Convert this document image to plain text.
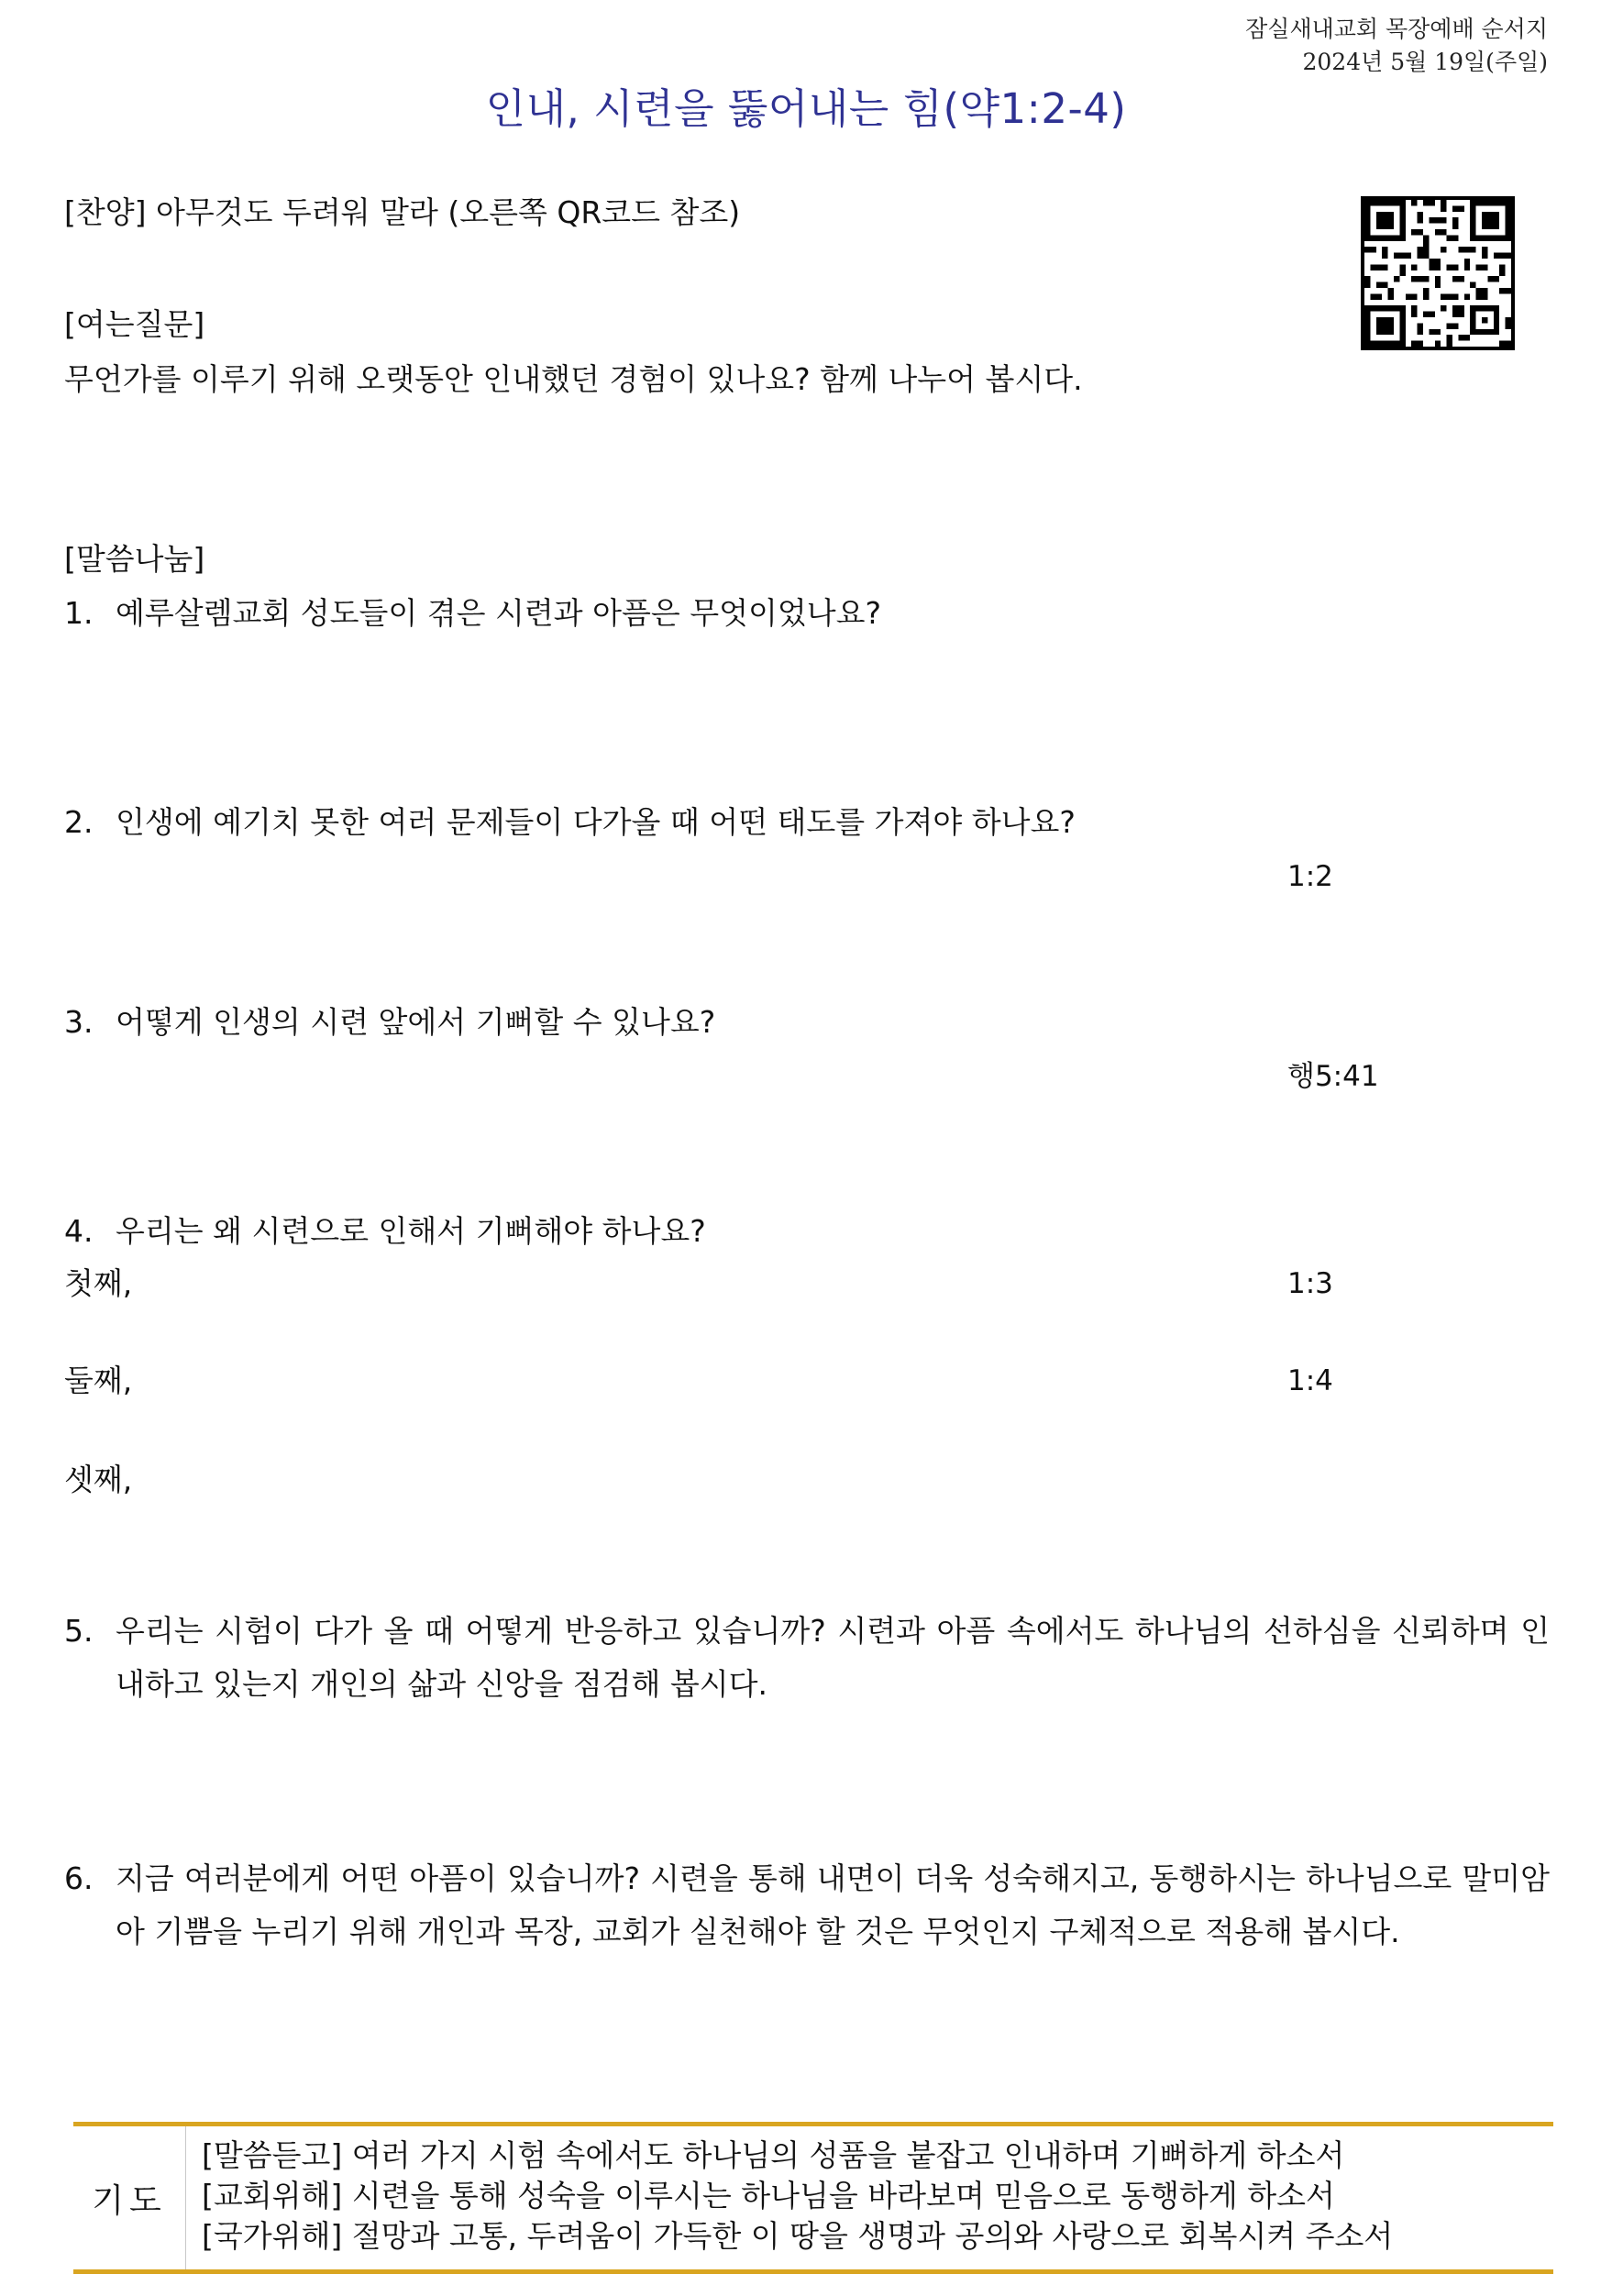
잠실새내교회 목장예배 순서지
2024년 5월 19일(주일)
인내, 시련을 뚫어내는 힘(약1:2-4)
[찬양] 아무것도 두려워 말라 (오른쪽 QR코드 참조)
[여는질문]
무언가를 이루기 위해 오랫동안 인내했던 경험이 있나요? 함께 나누어 봅시다.
[말씀나눔]
1. 예루살렘교회 성도들이 겪은 시련과 아픔은 무엇이었나요?
2. 인생에 예기치 못한 여러 문제들이 다가올 때 어떤 태도를 가져야 하나요?
1:2
3. 어떻게 인생의 시련 앞에서 기뻐할 수 있나요?
행5:41
4. 우리는 왜 시련으로 인해서 기뻐해야 하나요?
첫째,	1:3
둘째,	1:4
셋째,
5. 우리는 시험이 다가 올 때 어떻게 반응하고 있습니까? 시련과 아픔 속에서도 하나님의 선하심을 신뢰하며 인내하고 있는지 개인의 삶과 신앙을 점검해 봅시다.
6. 지금 여러분에게 어떤 아픔이 있습니까? 시련을 통해 내면이 더욱 성숙해지고, 동행하시는 하나님으로 말미암아 기쁨을 누리기 위해 개인과 목장, 교회가 실천해야 할 것은 무엇인지 구체적으로 적용해 봅시다.
기도
[말씀듣고] 여러 가지 시험 속에서도 하나님의 성품을 붙잡고 인내하며 기뻐하게 하소서
[교회위해] 시련을 통해 성숙을 이루시는 하나님을 바라보며 믿음으로 동행하게 하소서
[국가위해] 절망과 고통, 두려움이 가득한 이 땅을 생명과 공의와 사랑으로 회복시켜 주소서
